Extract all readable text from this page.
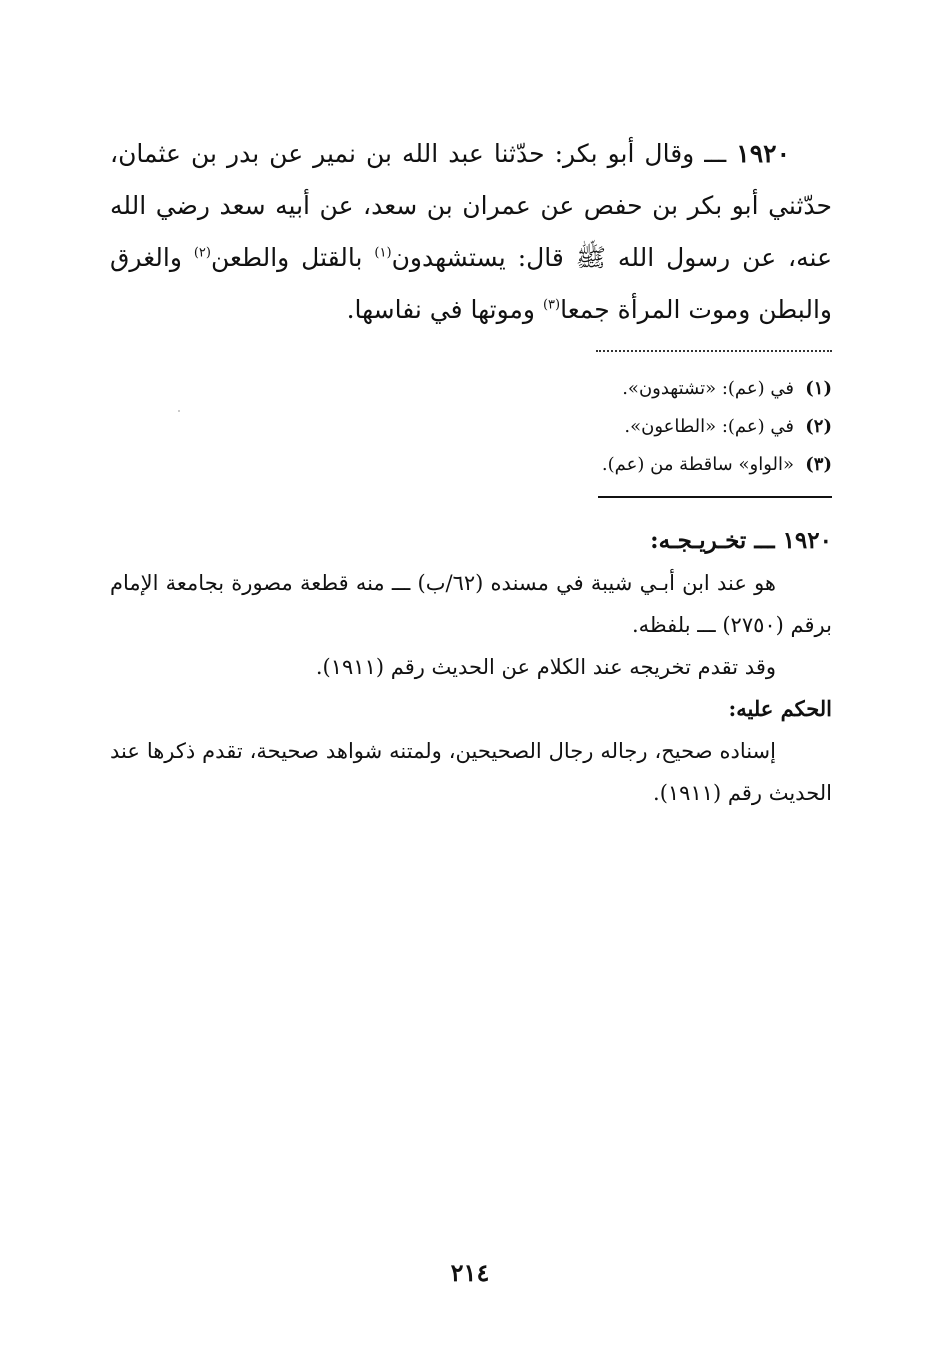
١٩٢٠ ـــ وقال أبو بكر: حدّثنا عبد الله بن نمير عن بدر بن عثمان، حدّثني أبو بكر بن حفص عن عمران بن سعد، عن أبيه سعد رضي الله عنه، عن رسول الله ﷺ قال: يستشهدون$^{(١)}$ بالقتل والطعن$^{(٢)}$ والغرق والبطن وموت المرأة جمعا$^{(٣)}$ وموتها في نفاسها.
(١)في (عم): «تشتهدون».
(٢)في (عم): «الطاعون».
(٣)«الواو» ساقطة من (عم).
١٩٢٠ ـــ تخـريـجـه:

هو عند ابن أبـي شيبة في مسنده (٦٢/ب) ـــ منه قطعة مصورة بجامعة الإمام برقم (٢٧٥٠) ـــ بلفظه.

وقد تقدم تخريجه عند الكلام عن الحديث رقم (١٩١١).

الحكم عليه:

إسناده صحيح، رجاله رجال الصحيحين، ولمتنه شواهد صحيحة، تقدم ذكرها عند الحديث رقم (١٩١١).

٢١٤
